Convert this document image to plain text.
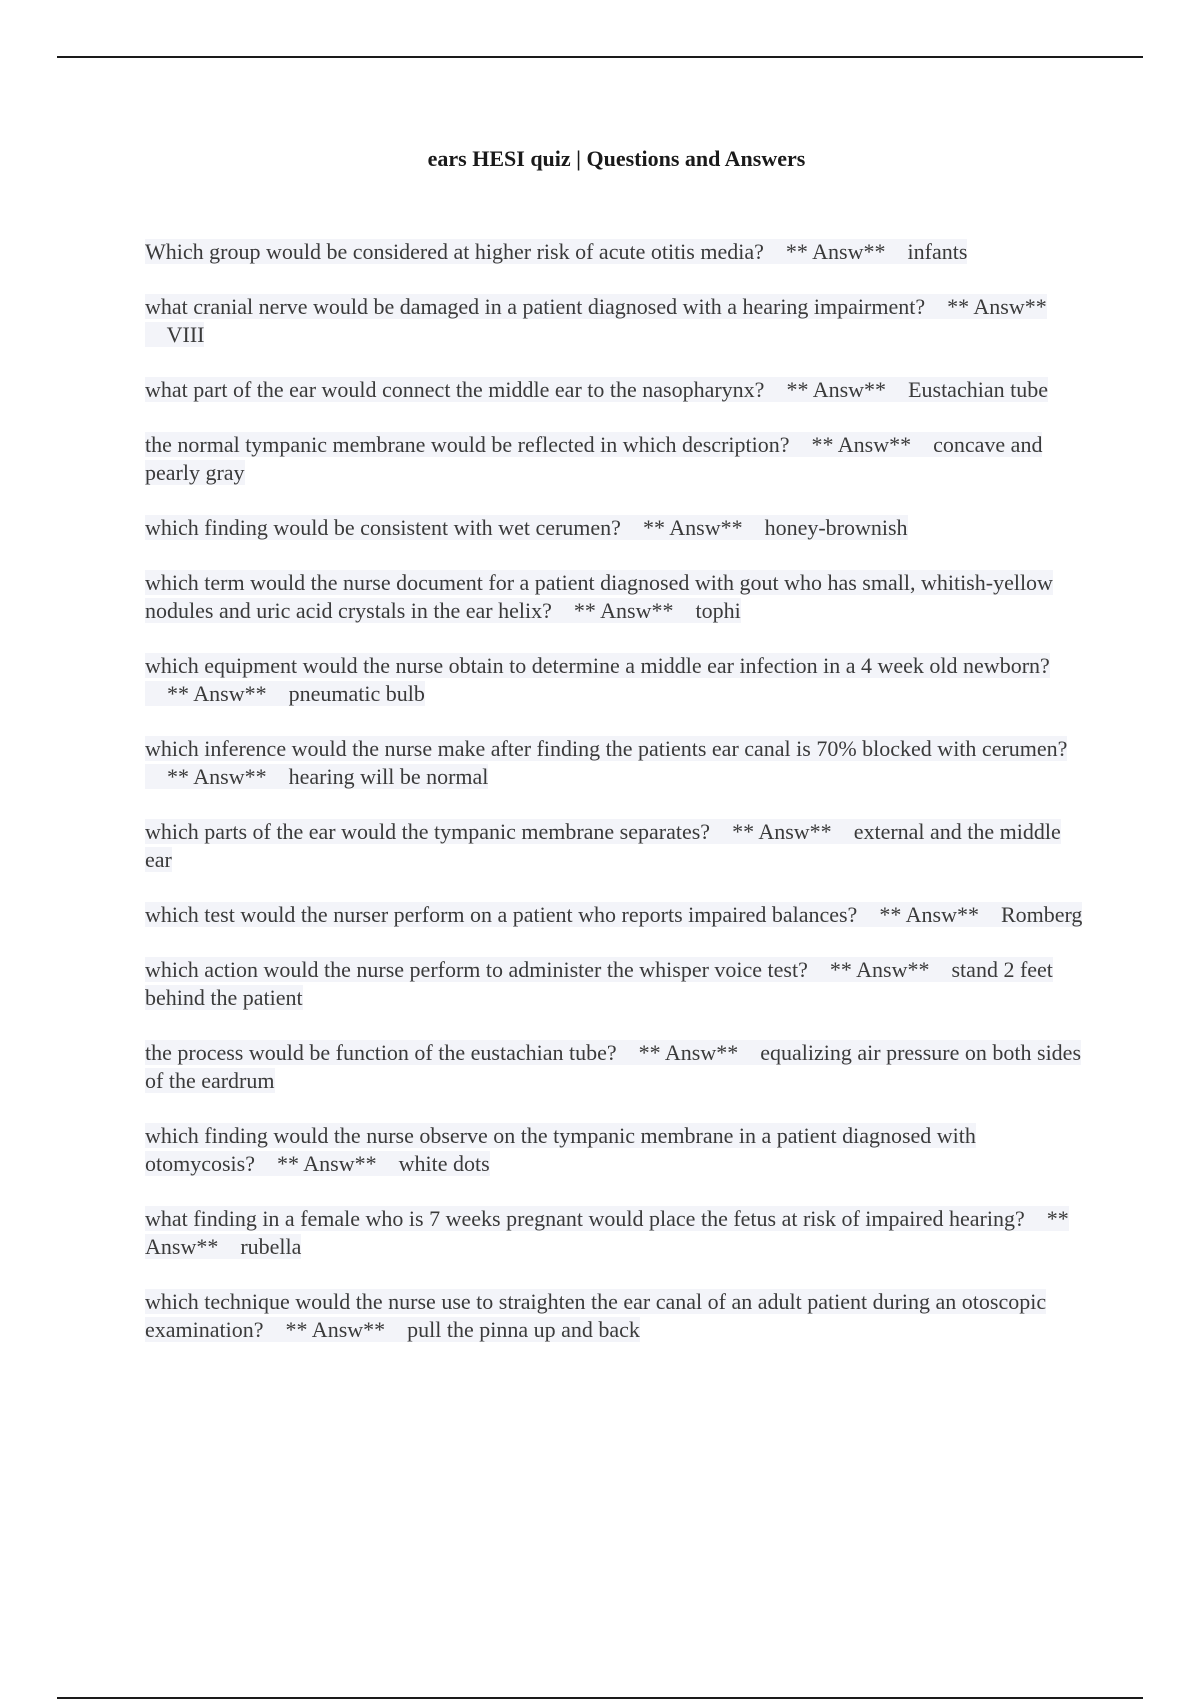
ears HESI quiz | Questions and Answers
Which group would be considered at higher risk of acute otitis media? ** Answ** infants
what cranial nerve would be damaged in a patient diagnosed with a hearing impairment? ** Answ**    VIII
what part of the ear would connect the middle ear to the nasopharynx? ** Answ** Eustachian tube
the normal tympanic membrane would be reflected in which description? ** Answ** concave and pearly gray
which finding would be consistent with wet cerumen? ** Answ** honey-brownish
which term would the nurse document for a patient diagnosed with gout who has small, whitish-yellow nodules and uric acid crystals in the ear helix? ** Answ** tophi
which equipment would the nurse obtain to determine a middle ear infection in a 4 week old newborn?    ** Answ** pneumatic bulb
which inference would the nurse make after finding the patients ear canal is 70% blocked with cerumen?    ** Answ** hearing will be normal
which parts of the ear would the tympanic membrane separates? ** Answ** external and the middle ear
which test would the nurser perform on a patient who reports impaired balances? ** Answ** Romberg
which action would the nurse perform to administer the whisper voice test? ** Answ** stand 2 feet behind the patient
the process would be function of the eustachian tube? ** Answ** equalizing air pressure on both sides of the eardrum
which finding would the nurse observe on the tympanic membrane in a patient diagnosed with otomycosis? ** Answ** white dots
what finding in a female who is 7 weeks pregnant would place the fetus at risk of impaired hearing? ** Answ** rubella
which technique would the nurse use to straighten the ear canal of an adult patient during an otoscopic examination? ** Answ** pull the pinna up and back
